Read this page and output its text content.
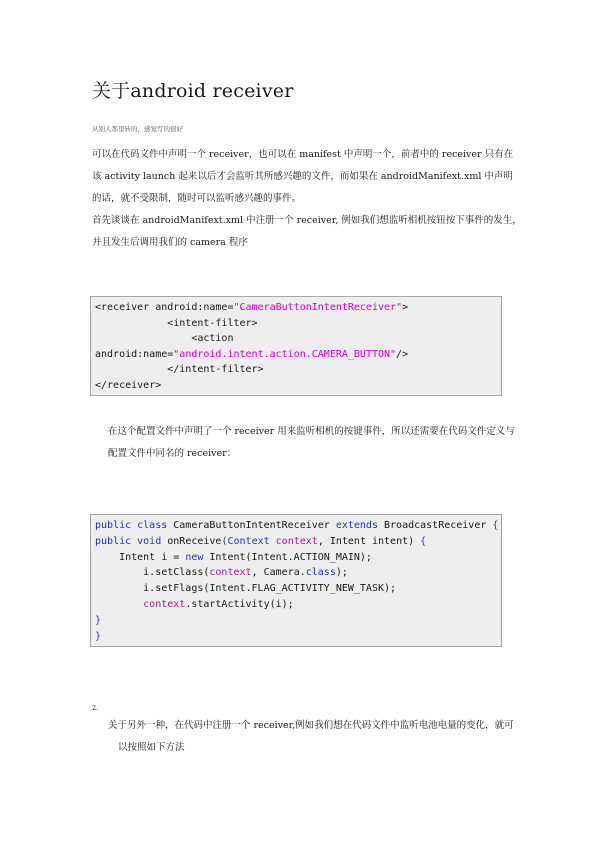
关于android receiver
从别人那里转的，感觉写的很好

可以在代码文件中声明一个 receiver，也可以在 manifest 中声明一个，前者中的 receiver 只有在该 activity launch 起来以后才会监听其所感兴趣的文件，而如果在 androidManifext.xml 中声明的话，就不受限制，随时可以监听感兴趣的事件。

首先谈谈在 androidManifext.xml 中注册一个 receiver, 例如我们想监听相机按钮按下事件的发生，并且发生后调用我们的 camera 程序

<receiver android:name="CameraButtonIntentReceiver">
<intent-filter>
<action
android:name="android.intent.action.CAMERA_BUTTON"/>
</intent-filter>
</receiver>

在这个配置文件中声明了一个 receiver 用来监听相机的按键事件，所以还需要在代码文件定义与配置文件中同名的 receiver：

public class CameraButtonIntentReceiver extends BroadcastReceiver {
public void onReceive(Context context, Intent intent) {
Intent i = new Intent(Intent.ACTION_MAIN);
i.setClass(context, Camera.class);
i.setFlags(Intent.FLAG_ACTIVITY_NEW_TASK);
context.startActivity(i);
}
}
2.

关于另外一种，在代码中注册一个 receiver,例如我们想在代码文件中监听电池电量的变化，就可以按照如下方法
